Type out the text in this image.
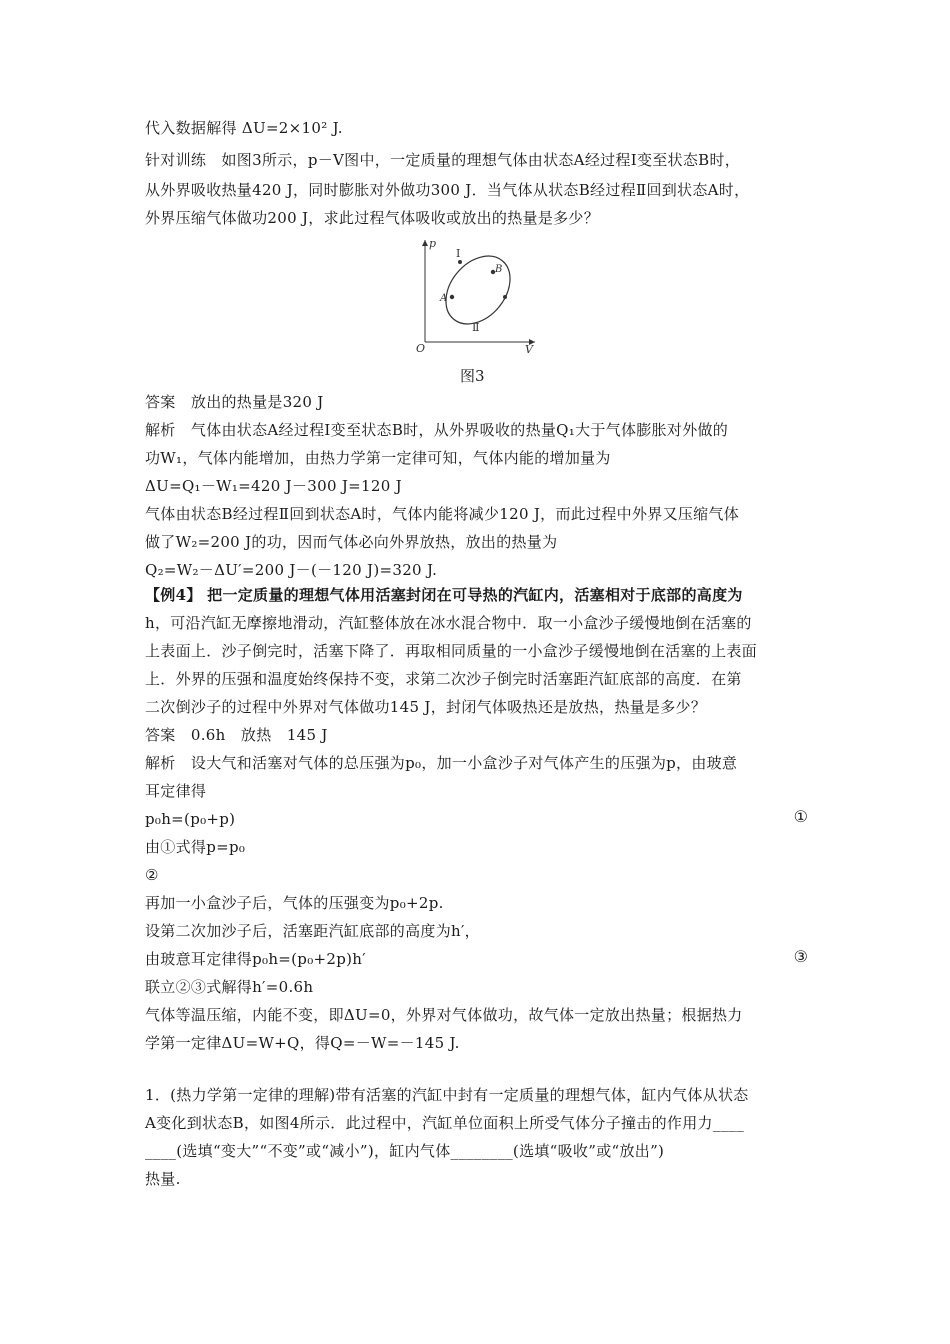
代入数据解得 ΔU=2×10² J.
针对训练　如图3所示，p－V图中，一定质量的理想气体由状态A经过程Ⅰ变至状态B时，
从外界吸收热量420 J，同时膨胀对外做功300 J．当气体从状态B经过程Ⅱ回到状态A时，
外界压缩气体做功200 J，求此过程气体吸收或放出的热量是多少？
p
V
O
A
B
Ⅰ
Ⅱ
图3
答案　放出的热量是320 J
解析　气体由状态A经过程Ⅰ变至状态B时，从外界吸收的热量Q₁大于气体膨胀对外做的
功W₁，气体内能增加，由热力学第一定律可知，气体内能的增加量为
ΔU=Q₁－W₁=420 J－300 J=120 J
气体由状态B经过程Ⅱ回到状态A时，气体内能将减少120 J，而此过程中外界又压缩气体
做了W₂=200 J的功，因而气体必向外界放热，放出的热量为
Q₂=W₂－ΔU′=200 J－(－120 J)=320 J.
【例4】 把一定质量的理想气体用活塞封闭在可导热的汽缸内，活塞相对于底部的高度为
h，可沿汽缸无摩擦地滑动，汽缸整体放在冰水混合物中．取一小盒沙子缓慢地倒在活塞的
上表面上．沙子倒完时，活塞下降了．再取相同质量的一小盒沙子缓慢地倒在活塞的上表面
上．外界的压强和温度始终保持不变，求第二次沙子倒完时活塞距汽缸底部的高度．在第
二次倒沙子的过程中外界对气体做功145 J，封闭气体吸热还是放热，热量是多少？
答案　0.6h　放热　145 J
解析　设大气和活塞对气体的总压强为p₀，加一小盒沙子对气体产生的压强为p，由玻意
耳定律得
p₀h=(p₀+p)	①
由①式得p=p₀
②
再加一小盒沙子后，气体的压强变为p₀+2p.
设第二次加沙子后，活塞距汽缸底部的高度为h′，
由玻意耳定律得p₀h=(p₀+2p)h′	③
联立②③式解得h′=0.6h
气体等温压缩，内能不变，即ΔU=0，外界对气体做功，故气体一定放出热量；根据热力
学第一定律ΔU=W+Q，得Q=－W=－145 J.
1．(热力学第一定律的理解)带有活塞的汽缸中封有一定质量的理想气体，缸内气体从状态
A变化到状态B，如图4所示．此过程中，汽缸单位面积上所受气体分子撞击的作用力____
____(选填“变大”“不变”或“减小”)，缸内气体________(选填“吸收”或“放出”)
热量.
